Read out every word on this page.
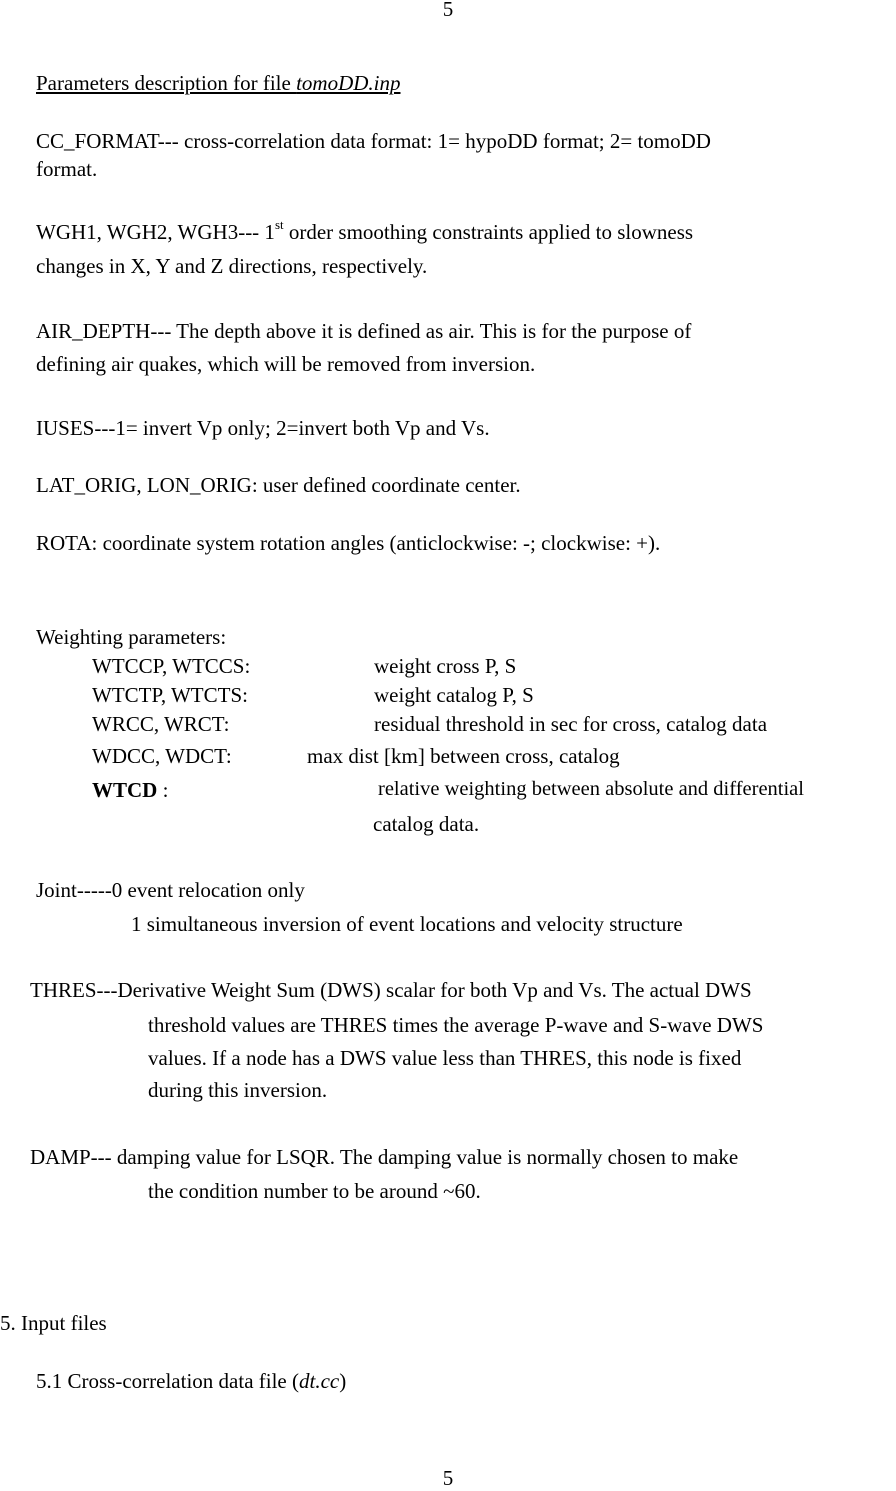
5
Parameters description for file tomoDD.inp
CC_FORMAT--- cross-correlation data format: 1= hypoDD format; 2= tomoDD
format.
WGH1, WGH2, WGH3--- 1st order smoothing constraints applied to slowness
changes in X, Y and Z directions, respectively.
AIR_DEPTH--- The depth above it is defined as air. This is for the purpose of
defining air quakes, which will be removed from inversion.
IUSES---1= invert Vp only; 2=invert both Vp and Vs.
LAT_ORIG, LON_ORIG: user defined coordinate center.
ROTA: coordinate system rotation angles (anticlockwise: -; clockwise: +).
Weighting parameters:
WTCCP, WTCCS:	weight cross P, S
WTCTP, WTCTS:	weight catalog P, S
WRCC, WRCT:	residual threshold in sec for cross, catalog data
WDCC, WDCT:	max dist [km] between cross, catalog
WTCD :	relative weighting between absolute and differential
catalog data.
Joint-----0 event relocation only
1 simultaneous inversion of event locations and velocity structure
THRES---Derivative Weight Sum (DWS) scalar for both Vp and Vs. The actual DWS
threshold values are THRES times the average P-wave and S-wave DWS
values. If a node has a DWS value less than THRES, this node is fixed
during this inversion.
DAMP--- damping value for LSQR. The damping value is normally chosen to make
the condition number to be around ~60.
5. Input files
5.1 Cross-correlation data file (dt.cc)
5
